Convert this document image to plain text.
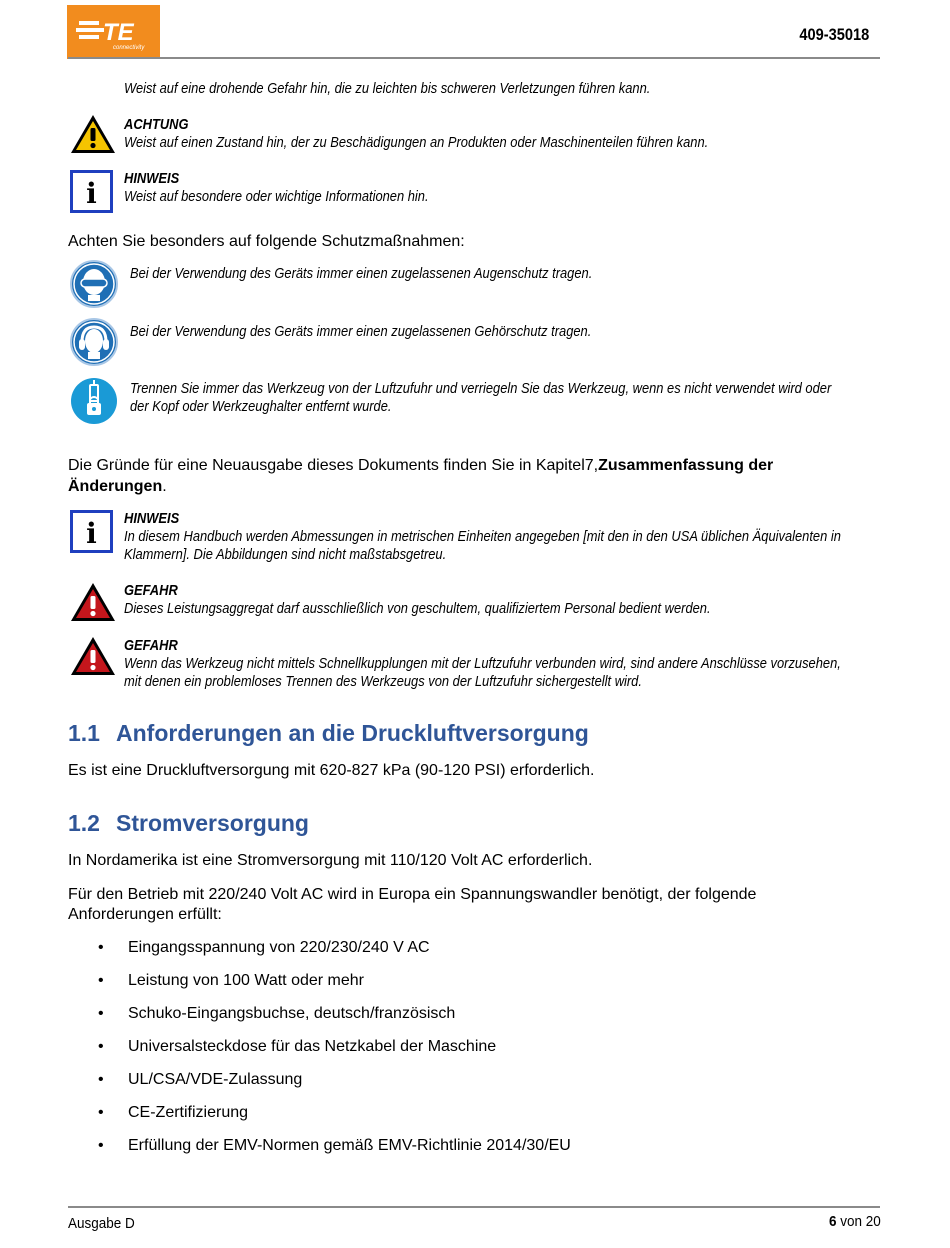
TE
connectivity
409-35018
Weist auf eine drohende Gefahr hin, die zu leichten bis schweren Verletzungen führen kann.
ACHTUNG
Weist auf einen Zustand hin, der zu Beschädigungen an Produkten oder Maschinenteilen führen kann.
i HINWEIS
Weist auf besondere oder wichtige Informationen hin.
Achten Sie besonders auf folgende Schutzmaßnahmen:
Bei der Verwendung des Geräts immer einen zugelassenen Augenschutz tragen.
Bei der Verwendung des Geräts immer einen zugelassenen Gehörschutz tragen.
Trennen Sie immer das Werkzeug von der Luftzufuhr und verriegeln Sie das Werkzeug, wenn es nicht verwendet wird oder
der Kopf oder Werkzeughalter entfernt wurde.
Die Gründe für eine Neuausgabe dieses Dokuments finden Sie in Kapitel7,Zusammenfassung der
Änderungen.
i HINWEIS
In diesem Handbuch werden Abmessungen in metrischen Einheiten angegeben [mit den in den USA üblichen Äquivalenten in
Klammern]. Die Abbildungen sind nicht maßstabsgetreu.
GEFAHR
Dieses Leistungsaggregat darf ausschließlich von geschultem, qualifiziertem Personal bedient werden.
GEFAHR
Wenn das Werkzeug nicht mittels Schnellkupplungen mit der Luftzufuhr verbunden wird, sind andere Anschlüsse vorzusehen,
mit denen ein problemloses Trennen des Werkzeugs von der Luftzufuhr sichergestellt wird.
1.1 Anforderungen an die Druckluftversorgung
Es ist eine Druckluftversorgung mit 620-827 kPa (90-120 PSI) erforderlich.
1.2 Stromversorgung
In Nordamerika ist eine Stromversorgung mit 110/120 Volt AC erforderlich.
Für den Betrieb mit 220/240 Volt AC wird in Europa ein Spannungswandler benötigt, der folgende
Anforderungen erfüllt:
• Eingangsspannung von 220/230/240 V AC
• Leistung von 100 Watt oder mehr
• Schuko-Eingangsbuchse, deutsch/französisch
• Universalsteckdose für das Netzkabel der Maschine
• UL/CSA/VDE-Zulassung
• CE-Zertifizierung
• Erfüllung der EMV-Normen gemäß EMV-Richtlinie 2014/30/EU
Ausgabe D	6 von 20
